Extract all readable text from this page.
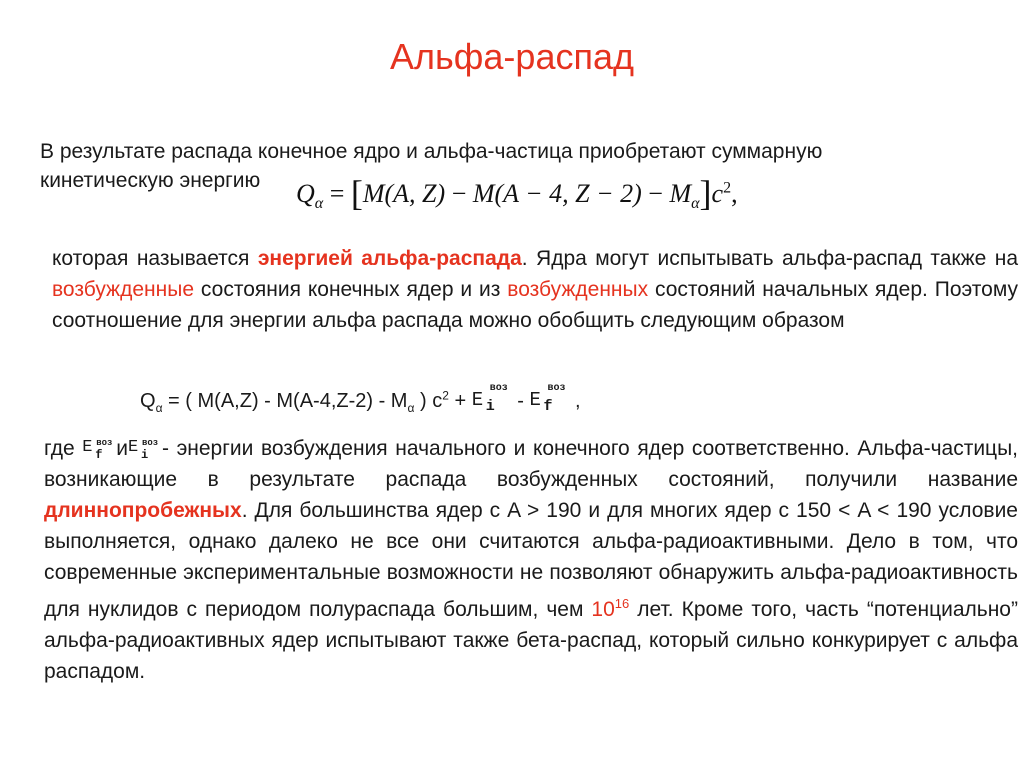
Альфа-распад
В результате распада конечное ядро и альфа-частица приобретают суммарную
кинетическую энергию	$Q_\alpha = [M(A$, Z) − M(A − 4, $Z - 2) - M_\alpha]c^2$,
которая называется энергией альфа-распада. Ядра могут испытывать альфа-распад также на возбужденные состояния конечных ядер и из возбужденных состояний начальных ядер. Поэтому соотношение для энергии альфа распада можно обобщить следующим образом
$Q_\alpha$ = ( $M(A,Z) - M(A-4,Z-2) - M_\alpha$ ) $c^2 + E$
воз
i - E
воз
f ,
где E воз
f и E воз
i - энергии возбуждения начального и конечного ядер соответственно. Альфа-частицы, возникающие в результате распада возбужденных состояний, получили название длиннопробежных. Для большинства ядер с A > 190 и для многих ядер с 150 < A < 190 условие выполняется, однако далеко не все они считаются альфа-радиоактивными. Дело в том, что современные экспериментальные возможности не позволяют обнаружить альфа-радиоактивность для нуклидов с периодом полураспада большим, чем $10^{16}$ лет. Кроме того, часть “потенциально” альфа-радиоактивных ядер испытывают также бета-распад, который сильно конкурирует с альфа распадом.
